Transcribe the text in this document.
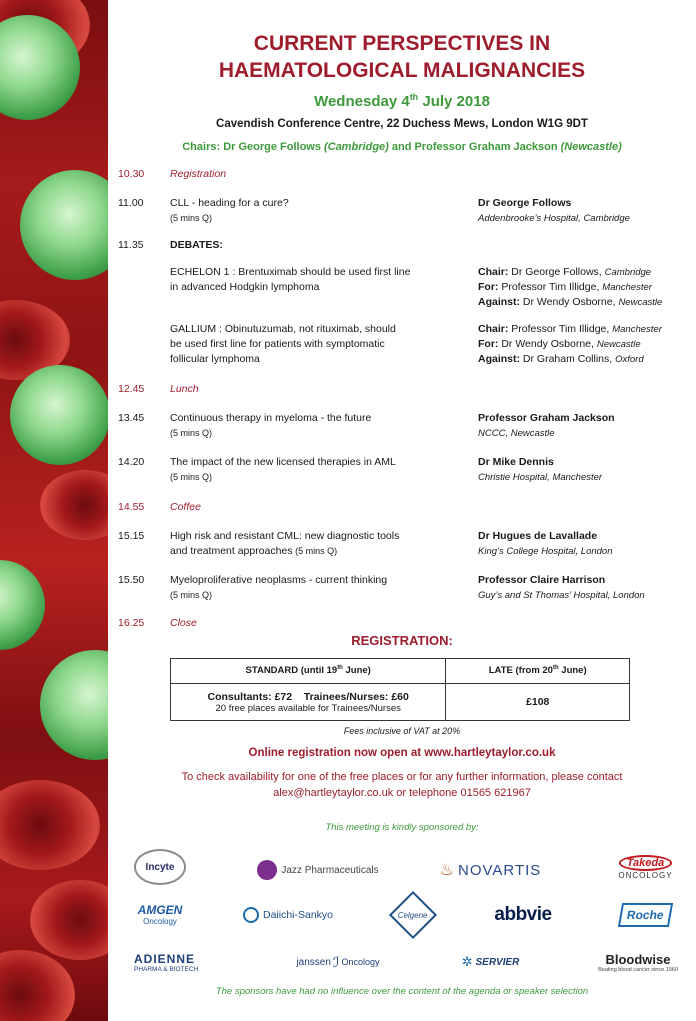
CURRENT PERSPECTIVES IN
HAEMATOLOGICAL MALIGNANCIES
Wednesday 4th July 2018
Cavendish Conference Centre, 22 Duchess Mews, London W1G 9DT
Chairs: Dr George Follows (Cambridge) and Professor Graham Jackson (Newcastle)
10.30	Registration
11.00	CLL - heading for a cure?
(5 mins Q)
Dr George Follows
Addenbrooke’s Hospital, Cambridge
11.35	DEBATES:
ECHELON 1 : Brentuximab should be used first line
in advanced Hodgkin lymphoma
Chair: Dr George Follows, Cambridge
For: Professor Tim Illidge, Manchester
Against: Dr Wendy Osborne, Newcastle
GALLIUM : Obinutuzumab, not rituximab, should
be used first line for patients with symptomatic
follicular lymphoma
Chair: Professor Tim Illidge, Manchester
For: Dr Wendy Osborne, Newcastle
Against: Dr Graham Collins, Oxford
12.45	Lunch
13.45	Continuous therapy in myeloma - the future
(5 mins Q)
Professor Graham Jackson
NCCC, Newcastle
14.20	The impact of the new licensed therapies in AML
(5 mins Q)
Dr Mike Dennis
Christie Hospital, Manchester
14.55	Coffee
15.15	High risk and resistant CML: new diagnostic tools
and treatment approaches (5 mins Q)
Dr Hugues de Lavallade
King’s College Hospital, London
15.50	Myeloproliferative neoplasms - current thinking
(5 mins Q)
Professor Claire Harrison
Guy’s and St Thomas’ Hospital, London
16.25	Close
REGISTRATION:
STANDARD (until 19th June)	LATE (from 20th June)

Consultants: £72    Trainees/Nurses: £60
20 free places available for Trainees/Nurses	£108
Fees inclusive of VAT at 20%
Online registration now open at www.hartleytaylor.co.uk
To check availability for one of the free places or for any further information, please contact
alex@hartleytaylor.co.uk or telephone 01565 621967
This meeting is kindly sponsored by:
Incyte	Jazz Pharmaceuticals	♨ NOVARTIS	Takeda
ONCOLOGY
AMGEN
Oncology	Daiichi-Sankyo	Celgene	abbvie	Roche
ADIENNE
PHARMA & BIOTECH
janssen ℐ Oncology	✲ SERVIER	Bloodwise
Beating blood cancer since 1960
The sponsors have had no influence over the content of the agenda or speaker selection
